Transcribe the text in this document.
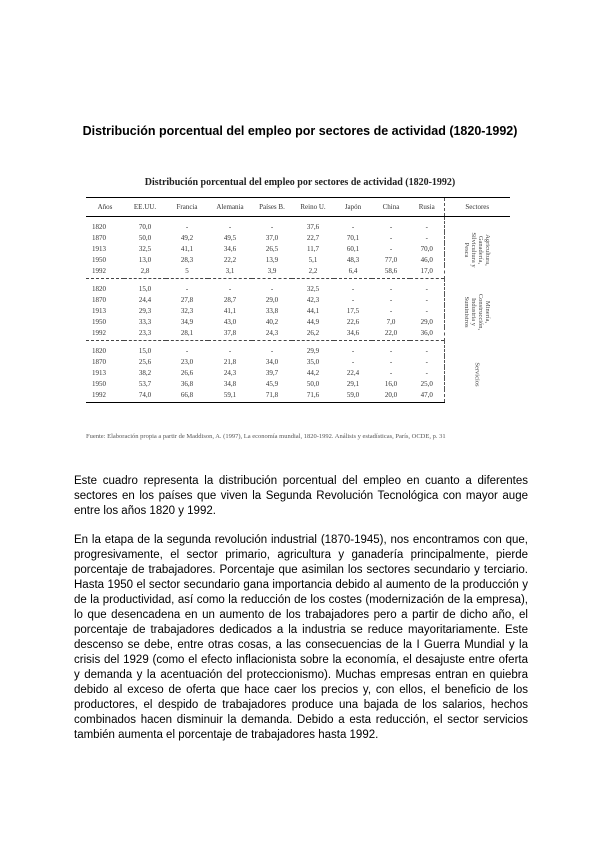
Distribución porcentual del empleo por sectores de actividad (1820-1992)
Distribución porcentual del empleo por sectores de actividad (1820-1992)
Años	EE.UU.	Francia	Alemania	Países B.	Reino U.	Japón	China	Rusia	Sectores
1820	70,0	-	-	-	37,6	-	-	-	Agricultura, Ganadería, Silvicultura y Pesca
1870	50,0	49,2	49,5	37,0	22,7	70,1	-	-	
1913	32,5	41,1	34,6	26,5	11,7	60,1	-	70,0	
1950	13,0	28,3	22,2	13,9	5,1	48,3	77,0	46,0	
1992	2,8	5	3,1	3,9	2,2	6,4	58,6	17,0	
1820	15,0	-	-	-	32,5	-	-	-	Minería, Construcción, Industria y Suministros
1870	24,4	27,8	28,7	29,0	42,3	-	-	-	
1913	29,3	32,3	41,1	33,8	44,1	17,5	-	-	
1950	33,3	34,9	43,0	40,2	44,9	22,6	7,0	29,0	
1992	23,3	28,1	37,8	24,3	26,2	34,6	22,0	36,0	
1820	15,0	-	-	-	29,9	-	-	-	Servicios
1870	25,6	23,0	21,8	34,0	35,0	-	-	-	
1913	38,2	26,6	24,3	39,7	44,2	22,4	-	-	
1950	53,7	36,8	34,8	45,9	50,0	29,1	16,0	25,0	
1992	74,0	66,8	59,1	71,8	71,6	59,0	20,0	47,0	
Fuente: Elaboración propia a partir de Maddison, A. (1997), La economía mundial, 1820-1992. Análisis y estadísticas, París, OCDE, p. 31

Este cuadro representa la distribución porcentual del empleo en cuanto a diferentes sectores en los países que viven la Segunda Revolución Tecnológica con mayor auge entre los años 1820 y 1992.

En la etapa de la segunda revolución industrial (1870-1945), nos encontramos con que, progresivamente, el sector primario, agricultura y ganadería principalmente, pierde porcentaje de trabajadores. Porcentaje que asimilan los sectores secundario y terciario. Hasta 1950 el sector secundario gana importancia debido al aumento de la producción y de la productividad, así como la reducción de los costes (modernización de la empresa), lo que desencadena en un aumento de los trabajadores pero a partir de dicho año, el porcentaje de trabajadores dedicados a la industria se reduce mayoritariamente. Este descenso se debe, entre otras cosas, a las consecuencias de la I Guerra Mundial y la crisis del 1929 (como el efecto inflacionista sobre la economía, el desajuste entre oferta y demanda y la acentuación del proteccionismo). Muchas empresas entran en quiebra debido al exceso de oferta que hace caer los precios y, con ellos, el beneficio de los productores, el despido de trabajadores produce una bajada de los salarios, hechos combinados hacen disminuir la demanda. Debido a esta reducción, el sector servicios también aumenta el porcentaje de trabajadores hasta 1992.
